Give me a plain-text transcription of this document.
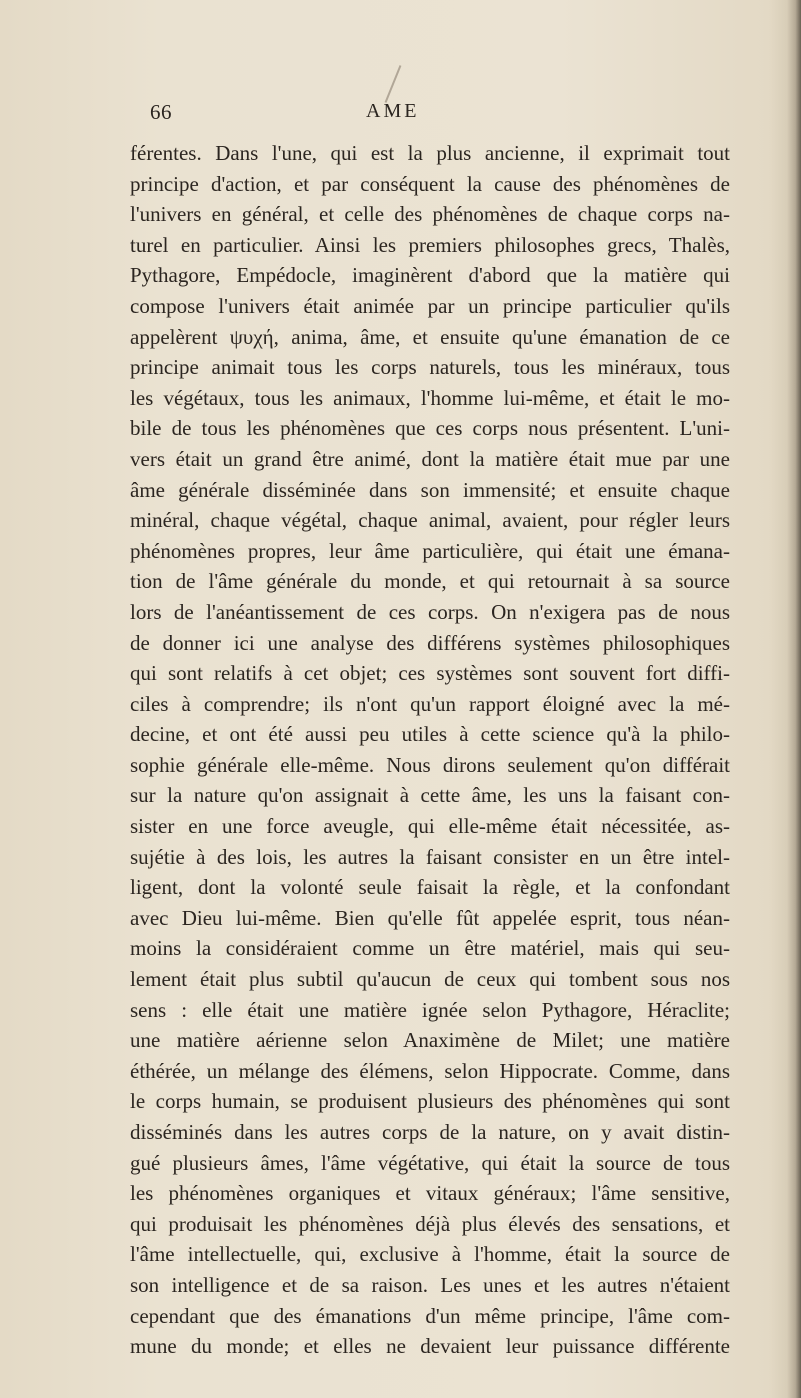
66	AME
férentes. Dans l'une, qui est la plus ancienne, il exprimait tout
principe d'action, et par conséquent la cause des phénomènes de
l'univers en général, et celle des phénomènes de chaque corps na-
turel en particulier. Ainsi les premiers philosophes grecs, Thalès,
Pythagore, Empédocle, imaginèrent d'abord que la matière qui
compose l'univers était animée par un principe particulier qu'ils
appelèrent ψυχή, anima, âme, et ensuite qu'une émanation de ce
principe animait tous les corps naturels, tous les minéraux, tous
les végétaux, tous les animaux, l'homme lui-même, et était le mo-
bile de tous les phénomènes que ces corps nous présentent. L'uni-
vers était un grand être animé, dont la matière était mue par une
âme générale disséminée dans son immensité; et ensuite chaque
minéral, chaque végétal, chaque animal, avaient, pour régler leurs
phénomènes propres, leur âme particulière, qui était une émana-
tion de l'âme générale du monde, et qui retournait à sa source
lors de l'anéantissement de ces corps. On n'exigera pas de nous
de donner ici une analyse des différens systèmes philosophiques
qui sont relatifs à cet objet; ces systèmes sont souvent fort diffi-
ciles à comprendre; ils n'ont qu'un rapport éloigné avec la mé-
decine, et ont été aussi peu utiles à cette science qu'à la philo-
sophie générale elle-même. Nous dirons seulement qu'on différait
sur la nature qu'on assignait à cette âme, les uns la faisant con-
sister en une force aveugle, qui elle-même était nécessitée, as-
sujétie à des lois, les autres la faisant consister en un être intel-
ligent, dont la volonté seule faisait la règle, et la confondant
avec Dieu lui-même. Bien qu'elle fût appelée esprit, tous néan-
moins la considéraient comme un être matériel, mais qui seu-
lement était plus subtil qu'aucun de ceux qui tombent sous nos
sens : elle était une matière ignée selon Pythagore, Héraclite;
une matière aérienne selon Anaximène de Milet; une matière
éthérée, un mélange des élémens, selon Hippocrate. Comme, dans
le corps humain, se produisent plusieurs des phénomènes qui sont
disséminés dans les autres corps de la nature, on y avait distin-
gué plusieurs âmes, l'âme végétative, qui était la source de tous
les phénomènes organiques et vitaux généraux; l'âme sensitive,
qui produisait les phénomènes déjà plus élevés des sensations, et
l'âme intellectuelle, qui, exclusive à l'homme, était la source de
son intelligence et de sa raison. Les unes et les autres n'étaient
cependant que des émanations d'un même principe, l'âme com-
mune du monde; et elles ne devaient leur puissance différente
